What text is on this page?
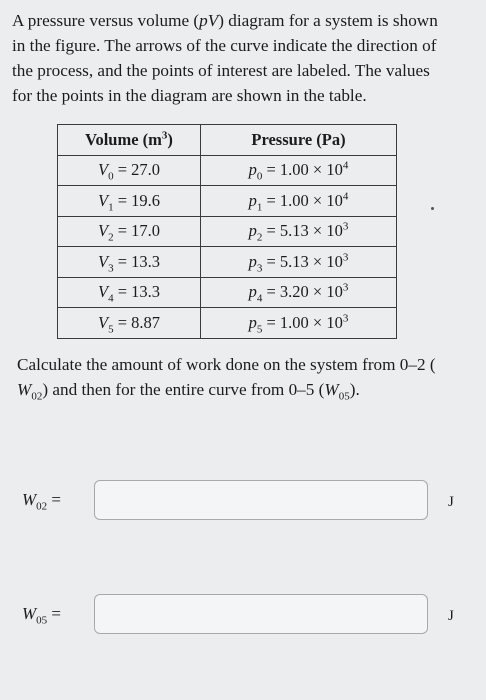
A pressure versus volume (pV) diagram for a system is shown
in the figure. The arrows of the curve indicate the direction of
the process, and the points of interest are labeled. The values
for the points in the diagram are shown in the table.

Volume $(m^3)$	Pressure (Pa)
$V_0 = 27.0$	$p_0 = 1.00 \times 10^4$
$V_1 = 19.6$	$p_1 = 1.00 \times 10^4$
$V_2 = 17.0$	$p_2 = 5.13 \times 10^3$
$V_3 = 13.3$	$p_3 = 5.13 \times 10^3$
$V_4 = 13.3$	$p_4 = 3.20 \times 10^3$
$V_5 = 8.87$	$p_5 = 1.00 \times 10^3$

Calculate the amount of work done on the system from 0–2 (
$W_{02}$) and then for the entire curve from 0–5 $(W_{05})$.

$W_{02}$ =	J
$W_{05}$ =	J
